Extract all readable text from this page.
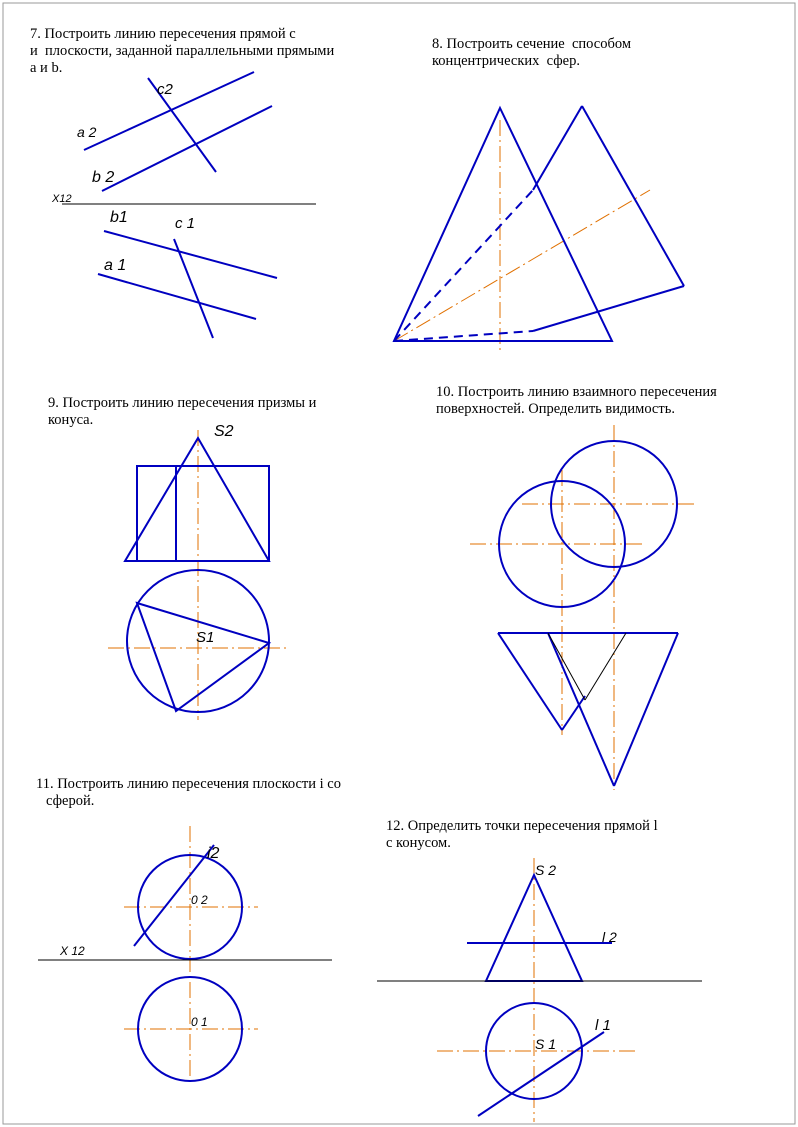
7. Построить линию пересечения прямой с
и  плоскости, заданной параллельными прямыми
а и b.
8. Построить сечение  способом
концентрических  сфер.
9. Построить линию пересечения призмы и
конуса.
10. Построить линию взаимного пересечения
поверхностей. Определить видимость.
11. Построить линию пересечения плоскости i со
сферой.
12. Определить точки пересечения прямой l
с конусом.
c2
a 2
b 2
X12
b1	c 1
a 1
S2
S1
i2
0 2
X 12
0 1
S 2
l 2
l 1
S 1
